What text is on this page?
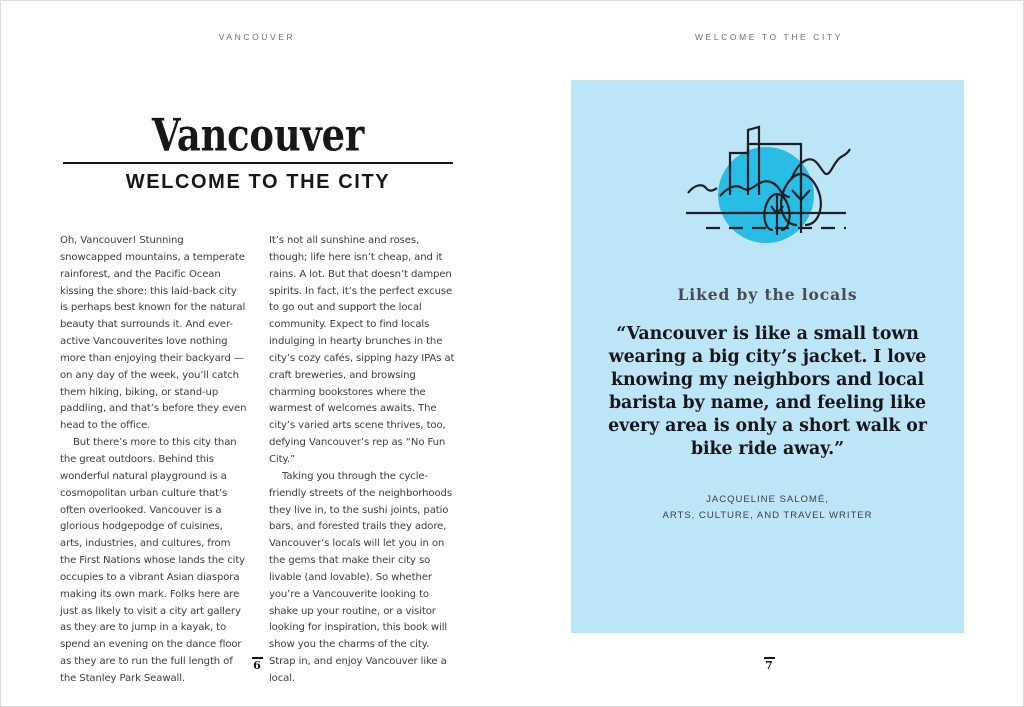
VANCOUVER	WELCOME TO THE CITY
Vancouver
WELCOME TO THE CITY

Oh, Vancouver! Stunning snowcapped mountains, a temperate rainforest, and the Pacific Ocean kissing the shore: this laid-back city is perhaps best known for the natural beauty that surrounds it. And ever-active Vancouverites love nothing more than enjoying their backyard — on any day of the week, you’ll catch them hiking, biking, or stand-up paddling, and that’s before they even head to the office.

But there’s more to this city than the great outdoors. Behind this wonderful natural playground is a cosmopolitan urban culture that’s often overlooked. Vancouver is a glorious hodgepodge of cuisines, arts, industries, and cultures, from the First Nations whose lands the city occupies to a vibrant Asian diaspora making its own mark. Folks here are just as likely to visit a city art gallery as they are to jump in a kayak, to spend an evening on the dance floor as they are to run the full length of the Stanley Park Seawall.

It’s not all sunshine and roses, though; life here isn’t cheap, and it rains. A lot. But that doesn’t dampen spirits. In fact, it’s the perfect excuse to go out and support the local community. Expect to find locals indulging in hearty brunches in the city’s cozy cafés, sipping hazy IPAs at craft breweries, and browsing charming bookstores where the warmest of welcomes awaits. The city’s varied arts scene thrives, too, defying Vancouver’s rep as “No Fun City.”

Taking you through the cycle-friendly streets of the neighborhoods they live in, to the sushi joints, patio bars, and forested trails they adore, Vancouver’s locals will let you in on the gems that make their city so livable (and lovable). So whether you’re a Vancouverite looking to shake up your routine, or a visitor looking for inspiration, this book will show you the charms of the city. Strap in, and enjoy Vancouver like a local.

6
Liked by the locals
“Vancouver is like a small town wearing a big city’s jacket. I love knowing my neighbors and local barista by name, and feeling like every area is only a short walk or bike ride away.”
JACQUELINE SALOMÉ,
ARTS, CULTURE, AND TRAVEL WRITER
7
